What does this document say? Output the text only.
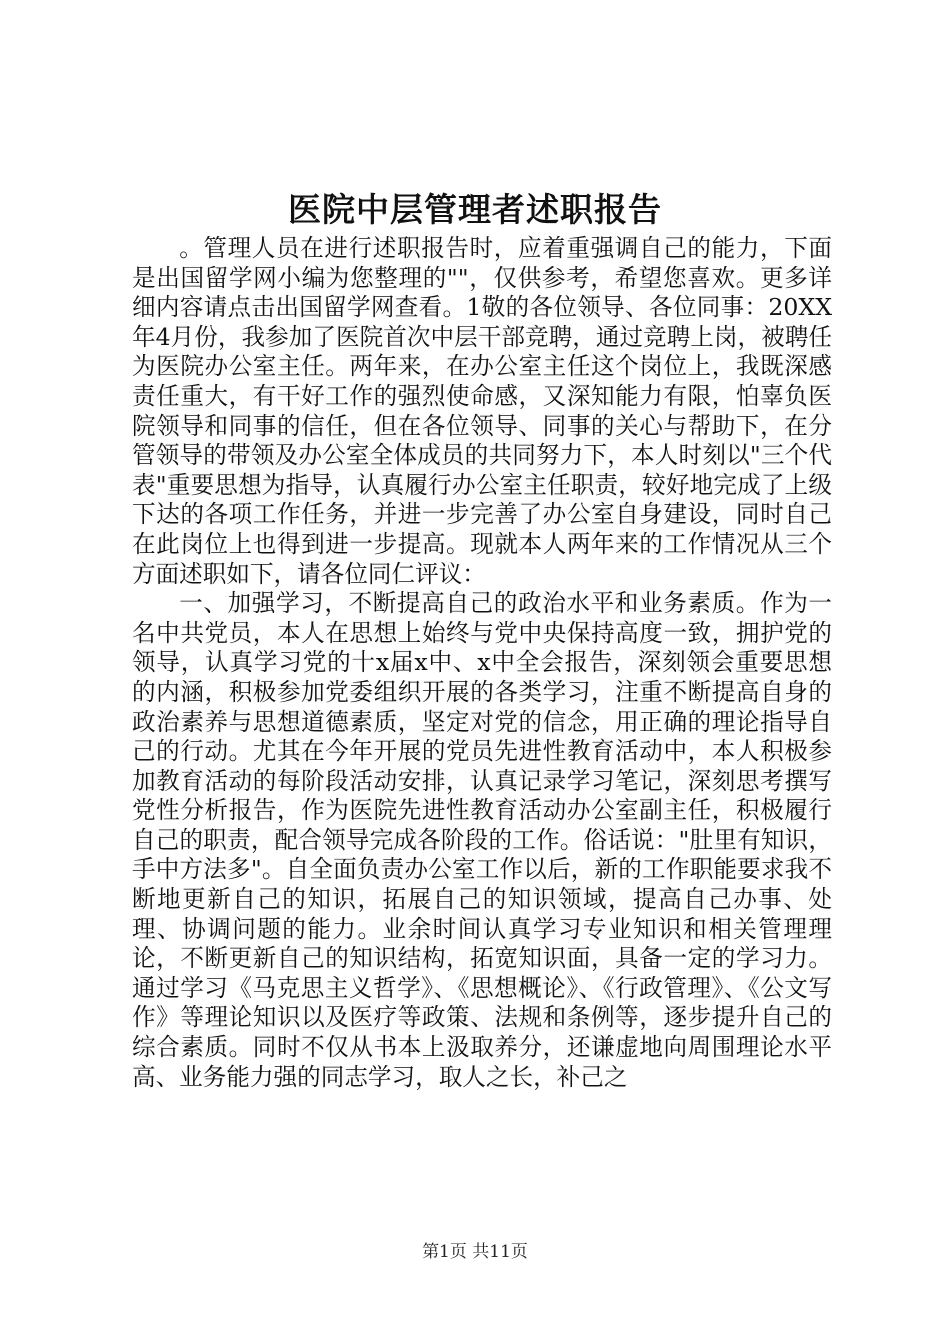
医院中层管理者述职报告

。管理人员在进行述职报告时，应着重强调自己的能力，下面是出国留学网小编为您整理的""，仅供参考，希望您喜欢。更多详细内容请点击出国留学网查看。1敬的各位领导、各位同事：20XX年4月份，我参加了医院首次中层干部竞聘，通过竞聘上岗，被聘任为医院办公室主任。两年来，在办公室主任这个岗位上，我既深感责任重大，有干好工作的强烈使命感，又深知能力有限，怕辜负医院领导和同事的信任，但在各位领导、同事的关心与帮助下，在分管领导的带领及办公室全体成员的共同努力下，本人时刻以"三个代表"重要思想为指导，认真履行办公室主任职责，较好地完成了上级下达的各项工作任务，并进一步完善了办公室自身建设，同时自己在此岗位上也得到进一步提高。现就本人两年来的工作情况从三个方面述职如下，请各位同仁评议：

一、加强学习，不断提高自己的政治水平和业务素质。作为一名中共党员，本人在思想上始终与党中央保持高度一致，拥护党的领导，认真学习党的十x届x中、x中全会报告，深刻领会重要思想的内涵，积极参加党委组织开展的各类学习，注重不断提高自身的政治素养与思想道德素质，坚定对党的信念，用正确的理论指导自己的行动。尤其在今年开展的党员先进性教育活动中，本人积极参加教育活动的每阶段活动安排，认真记录学习笔记，深刻思考撰写党性分析报告，作为医院先进性教育活动办公室副主任，积极履行自己的职责，配合领导完成各阶段的工作。俗话说："肚里有知识，手中方法多"。自全面负责办公室工作以后，新的工作职能要求我不断地更新自己的知识，拓展自己的知识领域，提高自己办事、处理、协调问题的能力。业余时间认真学习专业知识和相关管理理论，不断更新自己的知识结构，拓宽知识面，具备一定的学习力。通过学习《马克思主义哲学》、《思想概论》、《行政管理》、《公文写作》等理论知识以及医疗等政策、法规和条例等，逐步提升自己的综合素质。同时不仅从书本上汲取养分，还谦虚地向周围理论水平高、业务能力强的同志学习，取人之长，补己之

第1页 共11页
